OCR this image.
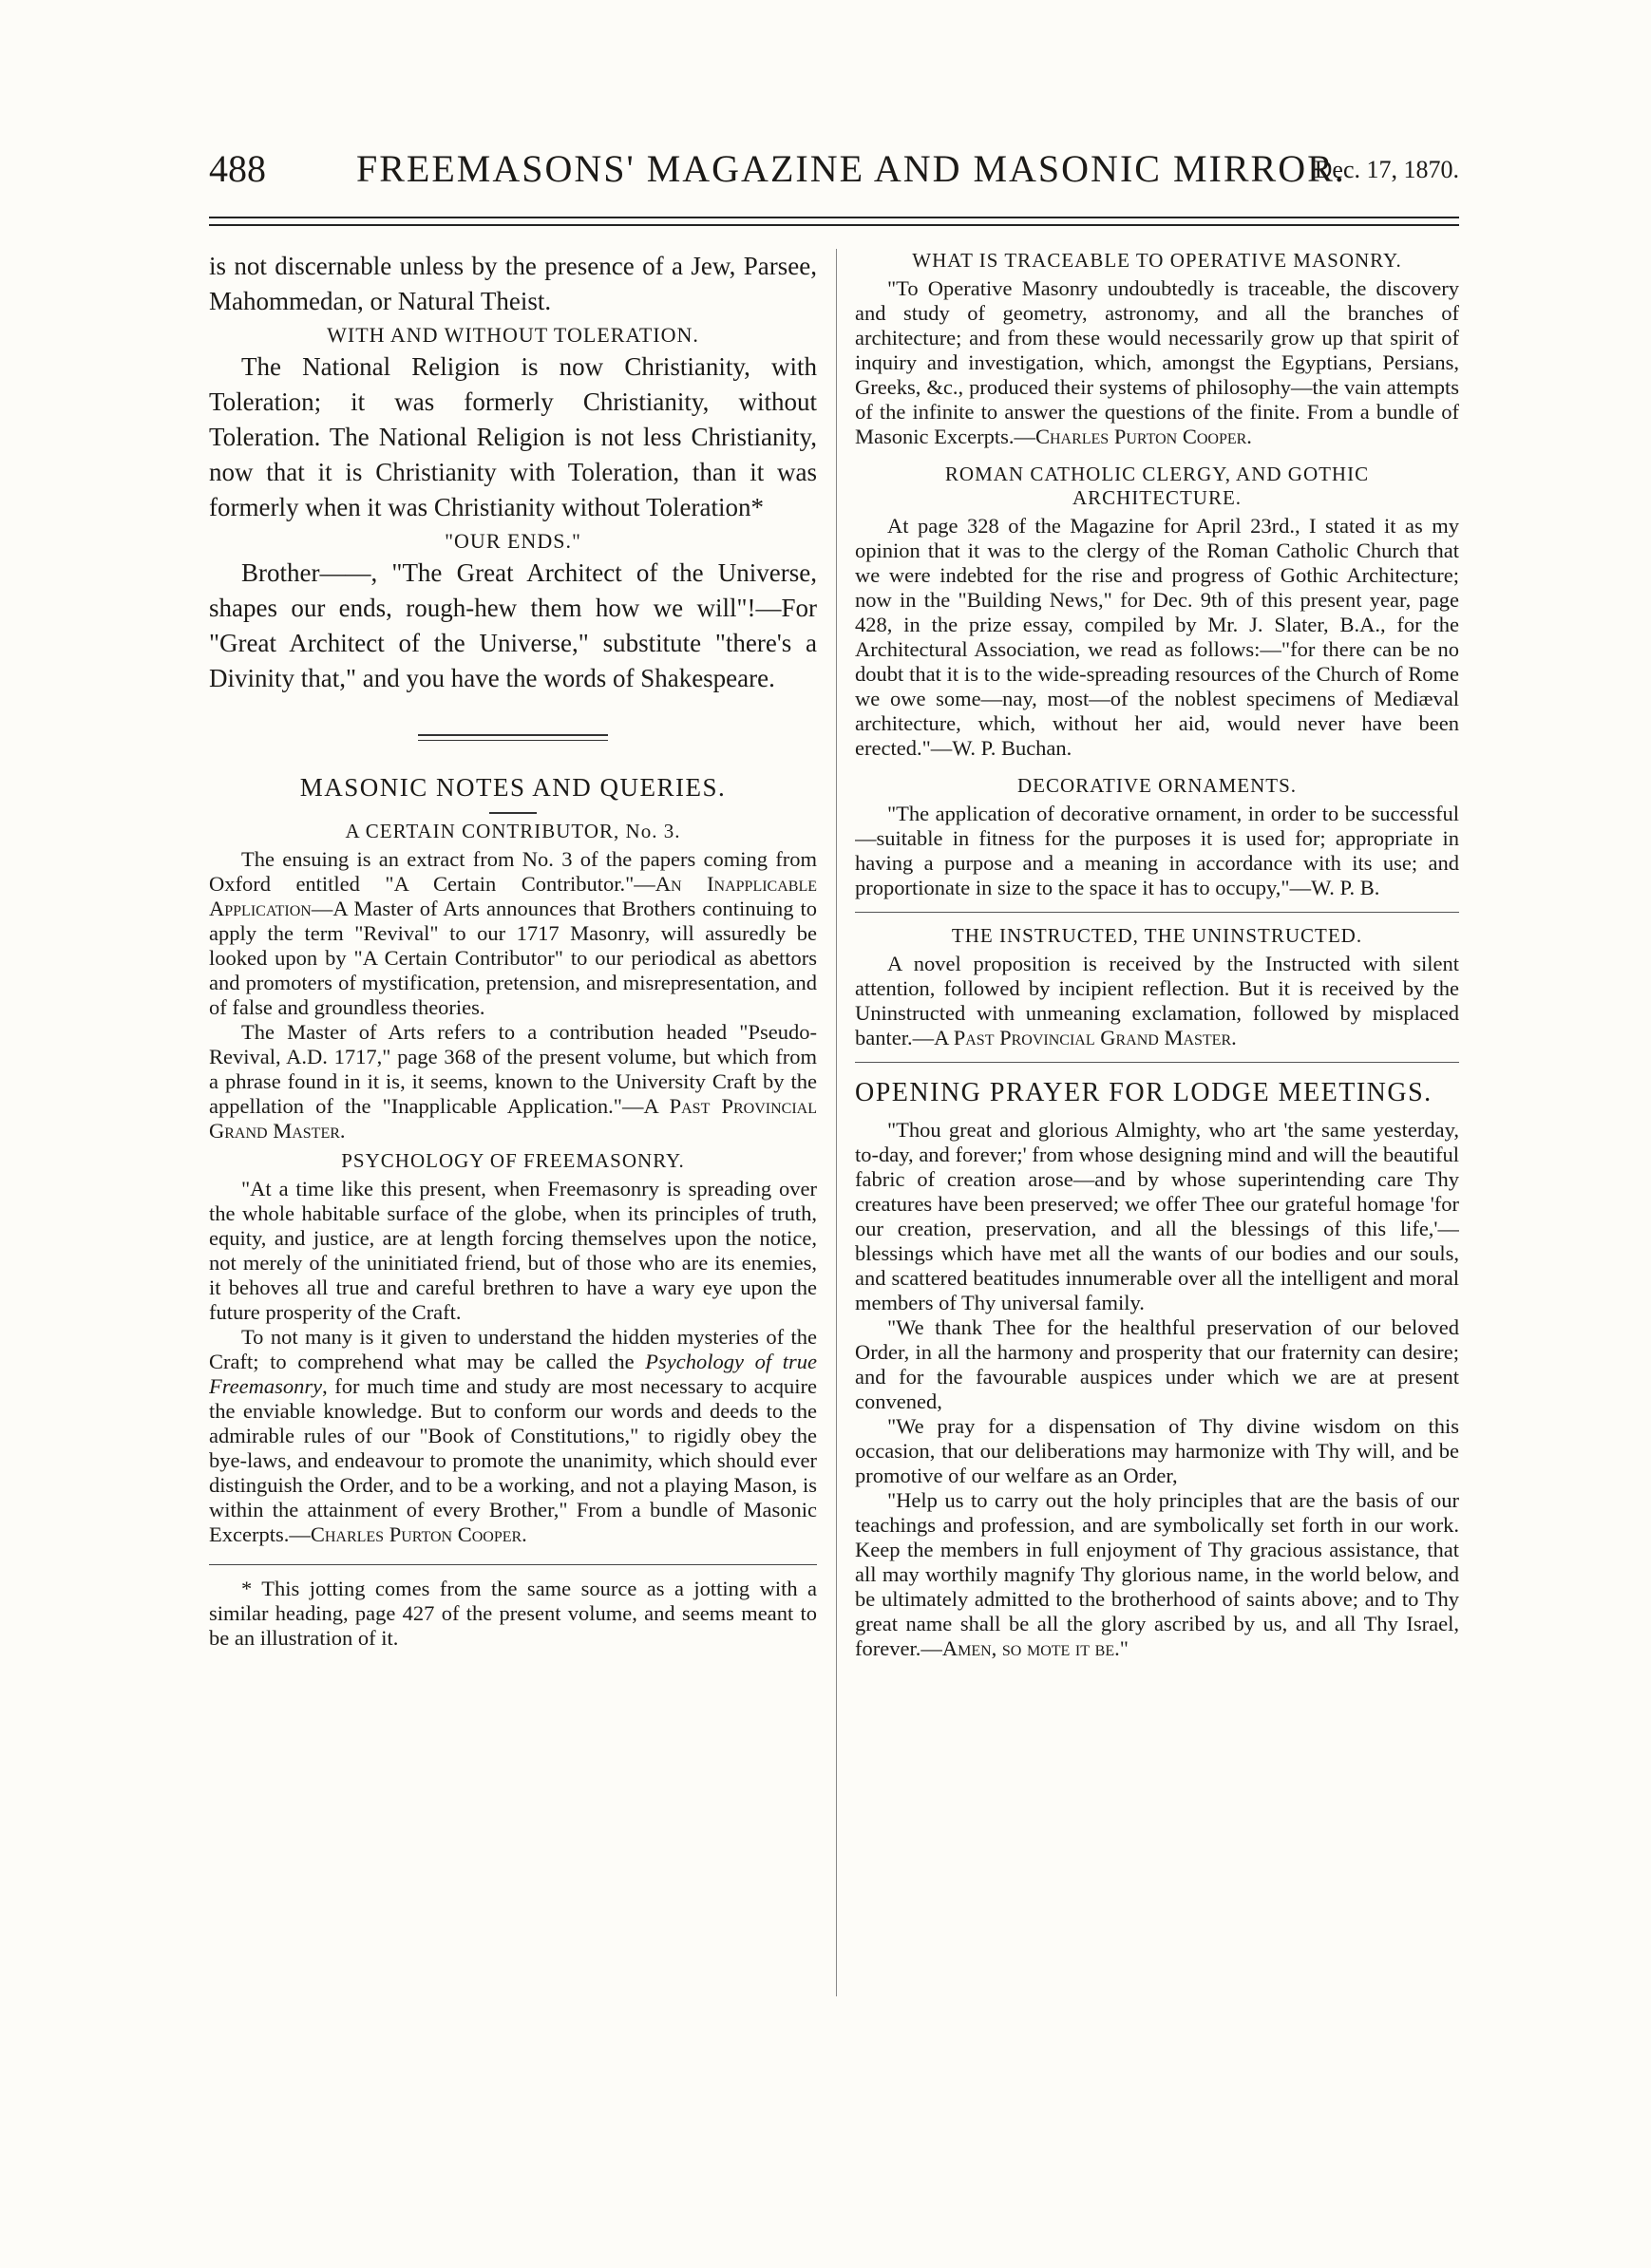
488 FREEMASONS' MAGAZINE AND MASONIC MIRROR.
Dec. 17, 1870.

is not discernable unless by the presence of a Jew, Parsee, Mahommedan, or Natural Theist.

WITH AND WITHOUT TOLERATION.

The National Religion is now Christianity, with Toleration; it was formerly Christianity, without Toleration. The National Religion is not less Christianity, now that it is Christianity with Toleration, than it was formerly when it was Christianity without Toleration*

"OUR ENDS."

Brother——, "The Great Architect of the Universe, shapes our ends, rough-hew them how we will"!—For "Great Architect of the Universe," substitute "there's a Divinity that," and you have the words of Shakespeare.

MASONIC NOTES AND QUERIES.
A CERTAIN CONTRIBUTOR, No. 3.

The ensuing is an extract from No. 3 of the papers coming from Oxford entitled "A Certain Contributor."—An Inapplicable Application—A Master of Arts announces that Brothers continuing to apply the term "Revival" to our 1717 Masonry, will assuredly be looked upon by "A Certain Contributor" to our periodical as abettors and promoters of mystification, pretension, and misrepresentation, and of false and groundless theories.

The Master of Arts refers to a contribution headed "Pseudo-Revival, A.D. 1717," page 368 of the present volume, but which from a phrase found in it is, it seems, known to the University Craft by the appellation of the "Inapplicable Application."—A Past Provincial Grand Master.

PSYCHOLOGY OF FREEMASONRY.

"At a time like this present, when Freemasonry is spreading over the whole habitable surface of the globe, when its principles of truth, equity, and justice, are at length forcing themselves upon the notice, not merely of the uninitiated friend, but of those who are its enemies, it behoves all true and careful brethren to have a wary eye upon the future prosperity of the Craft.

To not many is it given to understand the hidden mysteries of the Craft; to comprehend what may be called the Psychology of true Freemasonry, for much time and study are most necessary to acquire the enviable knowledge. But to conform our words and deeds to the admirable rules of our "Book of Constitutions," to rigidly obey the bye-laws, and endeavour to promote the unanimity, which should ever distinguish the Order, and to be a working, and not a playing Mason, is within the attainment of every Brother," From a bundle of Masonic Excerpts.—Charles Purton Cooper.

* This jotting comes from the same source as a jotting with a similar heading, page 427 of the present volume, and seems meant to be an illustration of it.

WHAT IS TRACEABLE TO OPERATIVE MASONRY.

"To Operative Masonry undoubtedly is traceable, the discovery and study of geometry, astronomy, and all the branches of architecture; and from these would necessarily grow up that spirit of inquiry and investigation, which, amongst the Egyptians, Persians, Greeks, &c., produced their systems of philosophy—the vain attempts of the infinite to answer the questions of the finite. From a bundle of Masonic Excerpts.—Charles Purton Cooper.

ROMAN CATHOLIC CLERGY, AND GOTHIC ARCHITECTURE.

At page 328 of the Magazine for April 23rd., I stated it as my opinion that it was to the clergy of the Roman Catholic Church that we were indebted for the rise and progress of Gothic Architecture; now in the "Building News," for Dec. 9th of this present year, page 428, in the prize essay, compiled by Mr. J. Slater, B.A., for the Architectural Association, we read as follows:—"for there can be no doubt that it is to the wide-spreading resources of the Church of Rome we owe some—nay, most—of the noblest specimens of Mediæval architecture, which, without her aid, would never have been erected."—W. P. Buchan.

DECORATIVE ORNAMENTS.

"The application of decorative ornament, in order to be successful—suitable in fitness for the purposes it is used for; appropriate in having a purpose and a meaning in accordance with its use; and proportionate in size to the space it has to occupy,"—W. P. B.

THE INSTRUCTED, THE UNINSTRUCTED.

A novel proposition is received by the Instructed with silent attention, followed by incipient reflection. But it is received by the Uninstructed with unmeaning exclamation, followed by misplaced banter.—A Past Provincial Grand Master.

OPENING PRAYER FOR LODGE MEETINGS.

"Thou great and glorious Almighty, who art 'the same yesterday, to-day, and forever;' from whose designing mind and will the beautiful fabric of creation arose—and by whose superintending care Thy creatures have been preserved; we offer Thee our grateful homage 'for our creation, preservation, and all the blessings of this life,'—blessings which have met all the wants of our bodies and our souls, and scattered beatitudes innumerable over all the intelligent and moral members of Thy universal family.

"We thank Thee for the healthful preservation of our beloved Order, in all the harmony and prosperity that our fraternity can desire; and for the favourable auspices under which we are at present convened,

"We pray for a dispensation of Thy divine wisdom on this occasion, that our deliberations may harmonize with Thy will, and be promotive of our welfare as an Order,

"Help us to carry out the holy principles that are the basis of our teachings and profession, and are symbolically set forth in our work. Keep the members in full enjoyment of Thy gracious assistance, that all may worthily magnify Thy glorious name, in the world below, and be ultimately admitted to the brotherhood of saints above; and to Thy great name shall be all the glory ascribed by us, and all Thy Israel, forever.—Amen, so mote it be."
